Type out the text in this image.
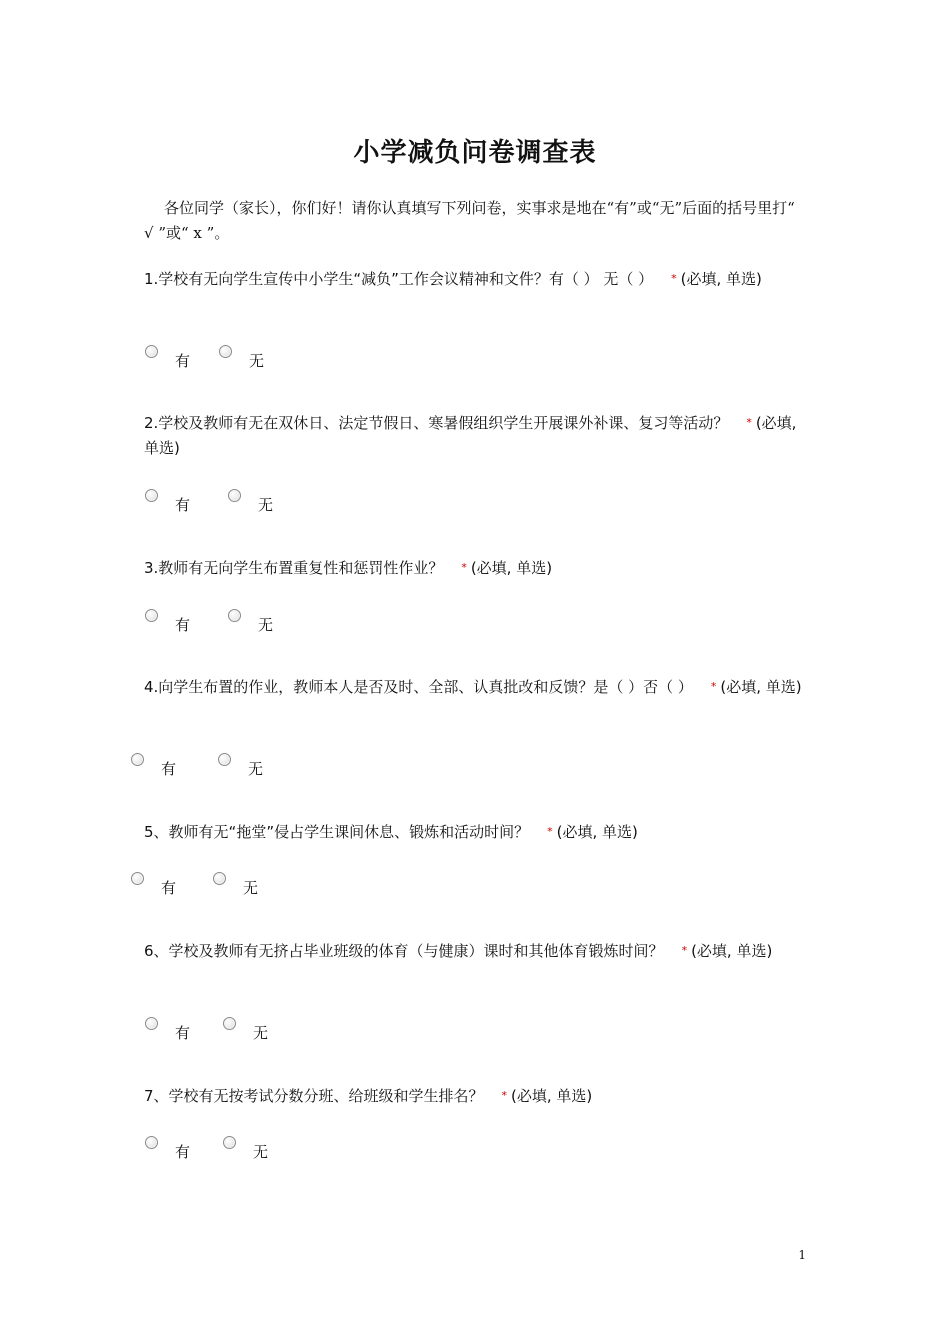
小学减负问卷调查表
各位同学（家长），你们好！请你认真填写下列问卷，实事求是地在“有”或“无”后面的括号里打“ √ ”或“ x ”。
1.学校有无向学生宣传中小学生“减负”工作会议精神和文件？有（ ） 无（ ） * (必填, 单选)
有	无
2.学校及教师有无在双休日、法定节假日、寒暑假组织学生开展课外补课、复习等活动？ * (必填, 单选)
有	无
3.教师有无向学生布置重复性和惩罚性作业？ * (必填, 单选)
有	无
4.向学生布置的作业，教师本人是否及时、全部、认真批改和反馈？是（ ）否（ ） * (必填, 单选)
有	无
5、教师有无“拖堂”侵占学生课间休息、锻炼和活动时间？ * (必填, 单选)
有	无
6、学校及教师有无挤占毕业班级的体育（与健康）课时和其他体育锻炼时间？ * (必填, 单选)
有	无
7、学校有无按考试分数分班、给班级和学生排名？ * (必填, 单选)
有	无
1
